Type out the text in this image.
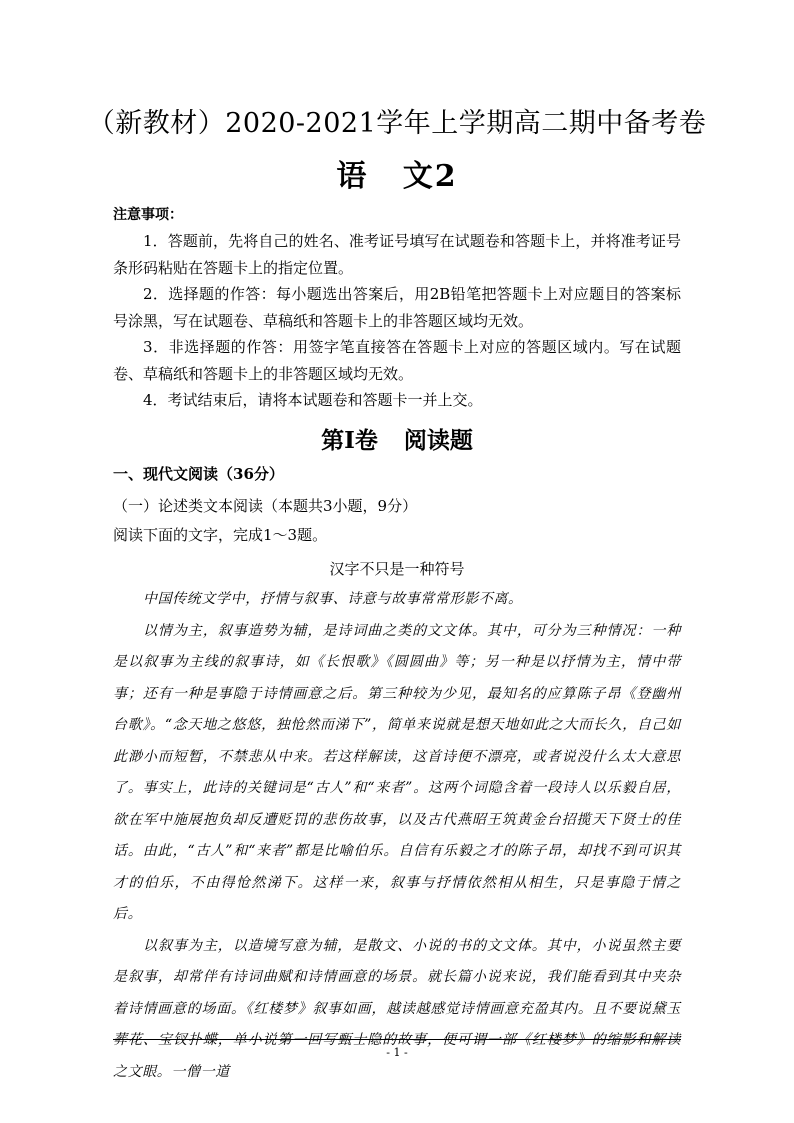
（新教材）2020-2021学年上学期高二期中备考卷
语 文2
注意事项：

1．答题前，先将自己的姓名、准考证号填写在试题卷和答题卡上，并将准考证号条形码粘贴在答题卡上的指定位置。

2．选择题的作答：每小题选出答案后，用2B铅笔把答题卡上对应题目的答案标号涂黑，写在试题卷、草稿纸和答题卡上的非答题区域均无效。

3．非选择题的作答：用签字笔直接答在答题卡上对应的答题区域内。写在试题卷、草稿纸和答题卡上的非答题区域均无效。

4．考试结束后，请将本试题卷和答题卡一并上交。

第Ⅰ卷 阅读题
一、现代文阅读（36分）
（一）论述类文本阅读（本题共3小题，9分）
阅读下面的文字，完成1～3题。
汉字不只是一种符号

中国传统文学中，抒情与叙事、诗意与故事常常形影不离。

以情为主，叙事造势为辅，是诗词曲之类的文文体。其中，可分为三种情况：一种是以叙事为主线的叙事诗，如《长恨歌》《圆圆曲》等；另一种是以抒情为主，情中带事；还有一种是事隐于诗情画意之后。第三种较为少见，最知名的应算陈子昂《登幽州台歌》。“念天地之悠悠，独怆然而涕下”，简单来说就是想天地如此之大而长久，自己如此渺小而短暂，不禁悲从中来。若这样解读，这首诗便不漂亮，或者说没什么太大意思了。事实上，此诗的关键词是“古人”和“来者”。这两个词隐含着一段诗人以乐毅自居，欲在军中施展抱负却反遭贬罚的悲伤故事，以及古代燕昭王筑黄金台招揽天下贤士的佳话。由此，“古人”和“来者”都是比喻伯乐。自信有乐毅之才的陈子昂，却找不到可识其才的伯乐，不由得怆然涕下。这样一来，叙事与抒情依然相从相生，只是事隐于情之后。

以叙事为主，以造境写意为辅，是散文、小说的书的文文体。其中，小说虽然主要是叙事，却常伴有诗词曲赋和诗情画意的场景。就长篇小说来说，我们能看到其中夹杂着诗情画意的场面。《红楼梦》叙事如画，越读越感觉诗情画意充盈其内。且不要说黛玉葬花、宝钗扑蝶，单小说第一回写甄士隐的故事，便可谓一部《红楼梦》的缩影和解读之文眼。一僧一道

- 1 -
